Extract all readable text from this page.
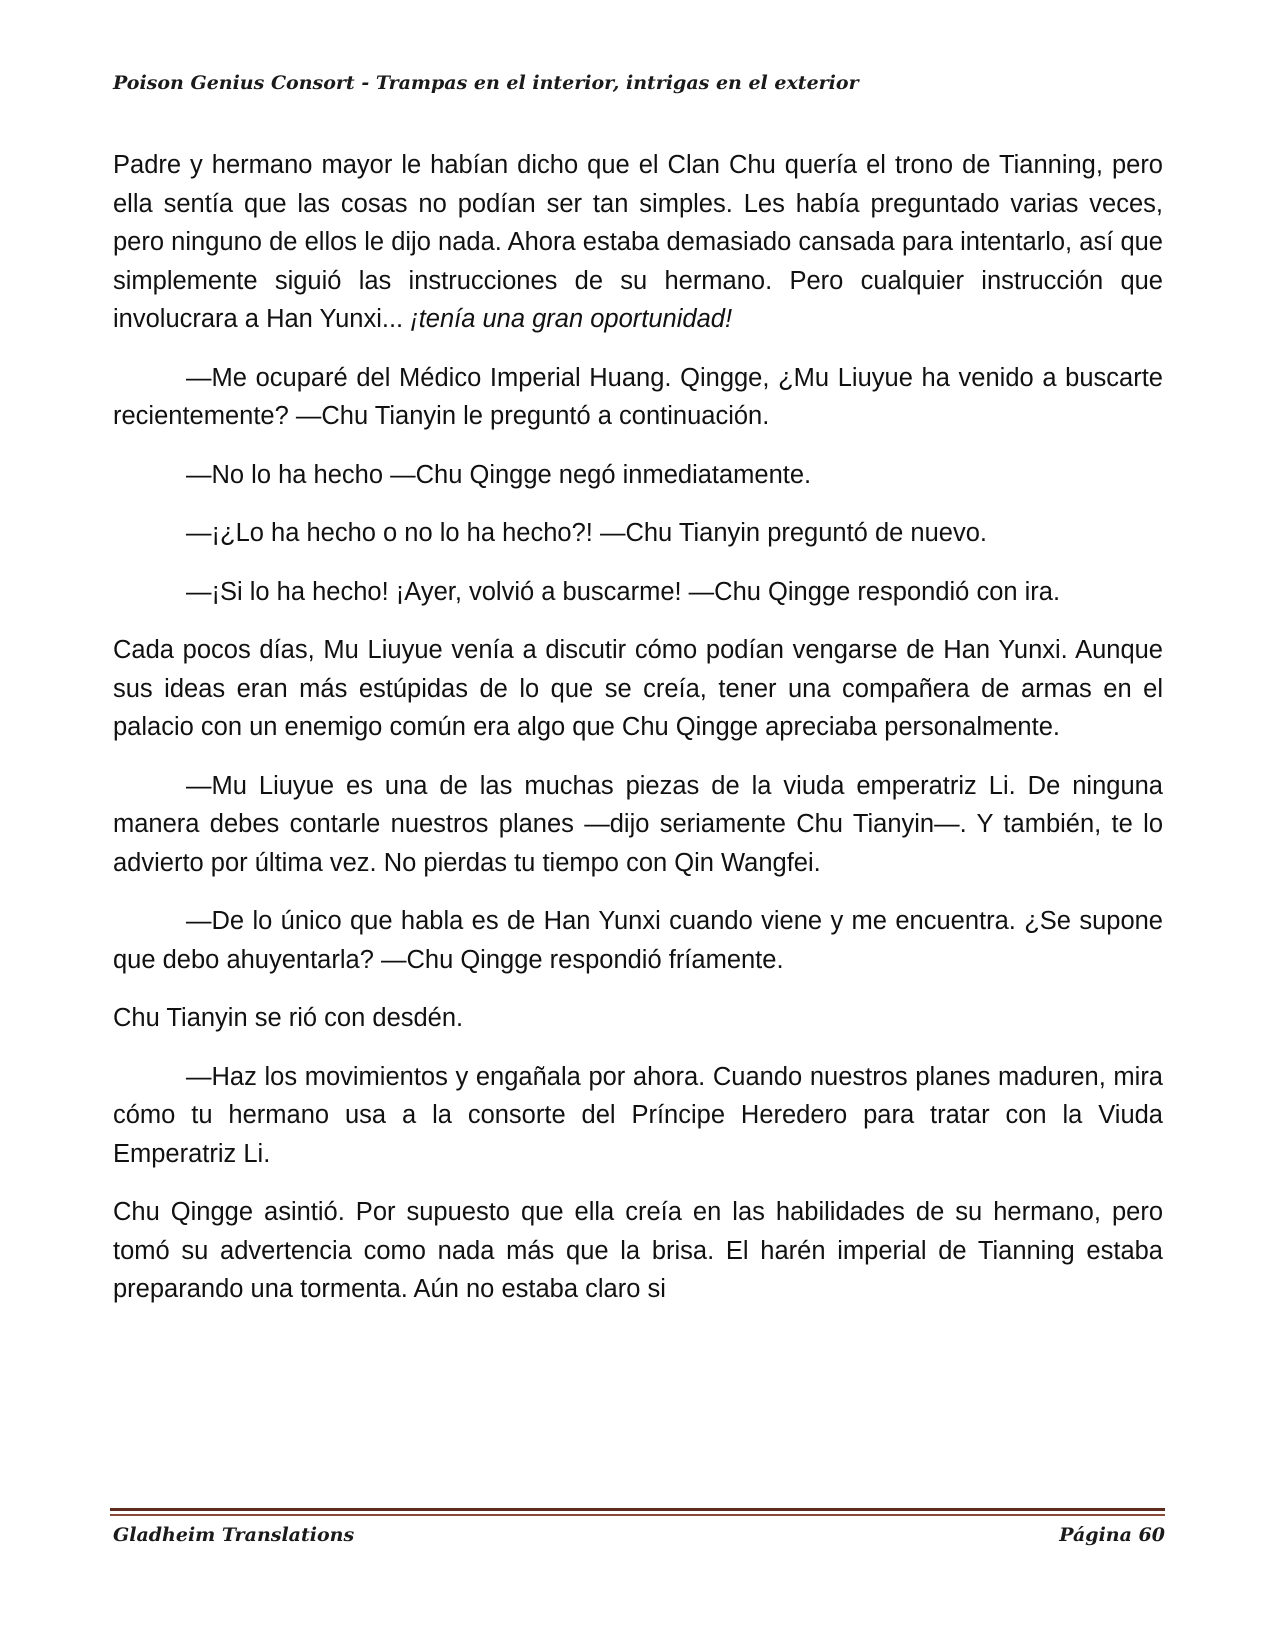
Poison Genius Consort - Trampas en el interior, intrigas en el exterior

Padre y hermano mayor le habían dicho que el Clan Chu quería el trono de Tianning, pero ella sentía que las cosas no podían ser tan simples. Les había preguntado varias veces, pero ninguno de ellos le dijo nada. Ahora estaba demasiado cansada para intentarlo, así que simplemente siguió las instrucciones de su hermano. Pero cualquier instrucción que involucrara a Han Yunxi... ¡tenía una gran oportunidad!

—Me ocuparé del Médico Imperial Huang. Qingge, ¿Mu Liuyue ha venido a buscarte recientemente? —Chu Tianyin le preguntó a continuación.

—No lo ha hecho —Chu Qingge negó inmediatamente.

—¡¿Lo ha hecho o no lo ha hecho?! —Chu Tianyin preguntó de nuevo.

—¡Si lo ha hecho! ¡Ayer, volvió a buscarme! —Chu Qingge respondió con ira.

Cada pocos días, Mu Liuyue venía a discutir cómo podían vengarse de Han Yunxi. Aunque sus ideas eran más estúpidas de lo que se creía, tener una compañera de armas en el palacio con un enemigo común era algo que Chu Qingge apreciaba personalmente.

—Mu Liuyue es una de las muchas piezas de la viuda emperatriz Li. De ninguna manera debes contarle nuestros planes —dijo seriamente Chu Tianyin—. Y también, te lo advierto por última vez. No pierdas tu tiempo con Qin Wangfei.

—De lo único que habla es de Han Yunxi cuando viene y me encuentra. ¿Se supone que debo ahuyentarla? —Chu Qingge respondió fríamente.

Chu Tianyin se rió con desdén.

—Haz los movimientos y engañala por ahora. Cuando nuestros planes maduren, mira cómo tu hermano usa a la consorte del Príncipe Heredero para tratar con la Viuda Emperatriz Li.

Chu Qingge asintió. Por supuesto que ella creía en las habilidades de su hermano, pero tomó su advertencia como nada más que la brisa. El harén imperial de Tianning estaba preparando una tormenta. Aún no estaba claro si

Gladheim Translations	Página 60
